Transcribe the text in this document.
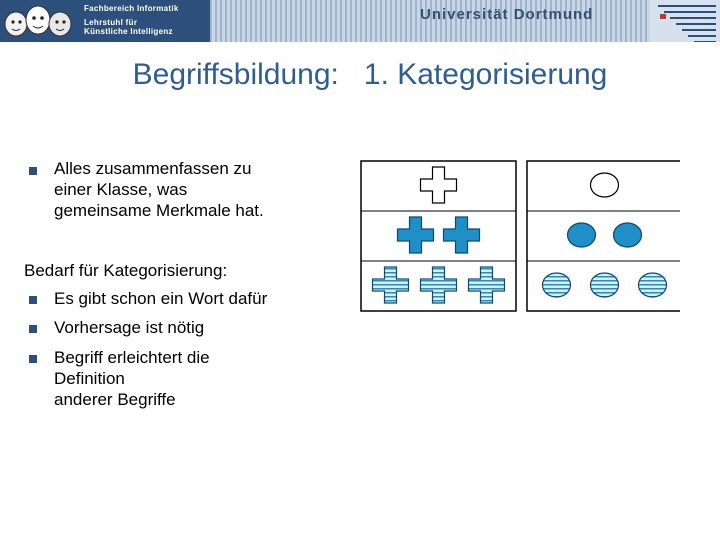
Fachbereich Informatik
Lehrstuhl für
Künstliche Intelligenz
Universität Dortmund
Begriffsbildung:   1. Kategorisierung
Alles zusammenfassen zu
einer Klasse, was
gemeinsame Merkmale hat.
Bedarf für Kategorisierung:
Es gibt schon ein Wort dafür
Vorhersage ist nötig
Begriff erleichtert die
Definition
anderer Begriffe
